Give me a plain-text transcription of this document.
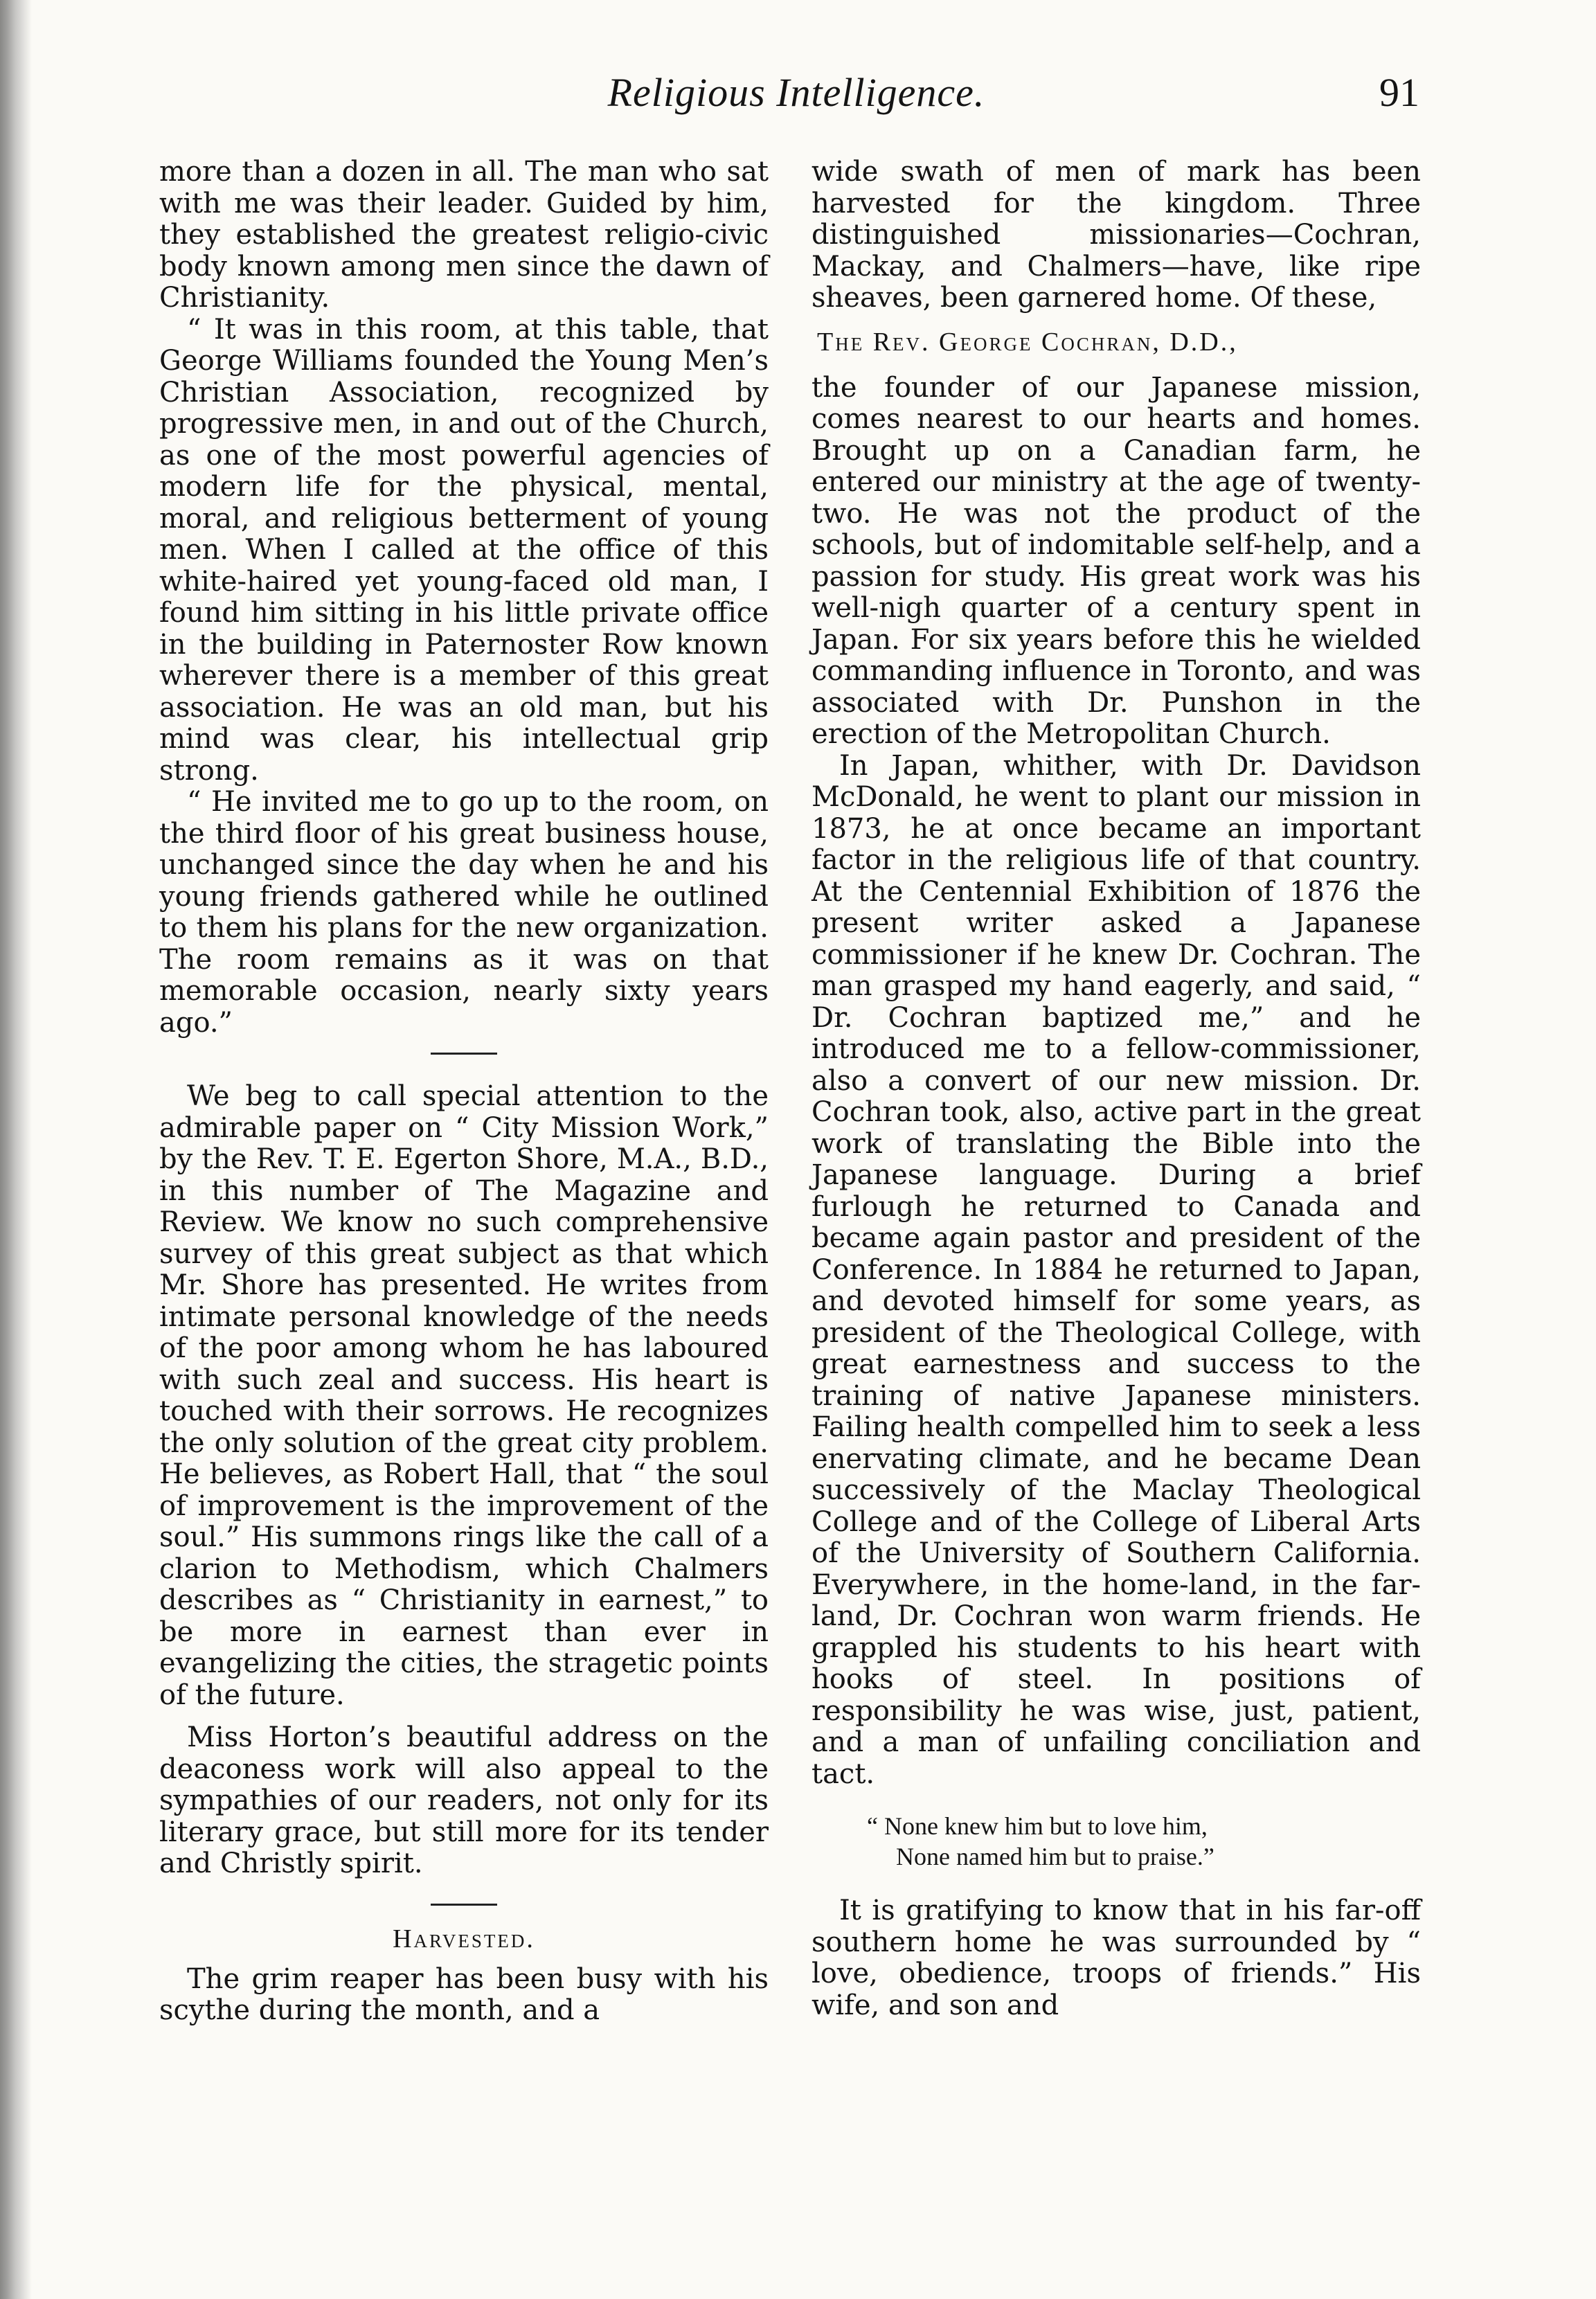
Religious Intelligence.	91

more than a dozen in all. The man who sat with me was their leader. Guided by him, they established the greatest religio-civic body known among men since the dawn of Christianity.

“ It was in this room, at this table, that George Williams founded the Young Men’s Christian Association, recognized by progressive men, in and out of the Church, as one of the most powerful agencies of modern life for the physical, mental, moral, and religious betterment of young men. When I called at the office of this white-haired yet young-faced old man, I found him sitting in his little private office in the building in Paternoster Row known wherever there is a member of this great association. He was an old man, but his mind was clear, his intellectual grip strong.

“ He invited me to go up to the room, on the third floor of his great business house, unchanged since the day when he and his young friends gathered while he outlined to them his plans for the new organization. The room remains as it was on that memorable occasion, nearly sixty years ago.”

We beg to call special attention to the admirable paper on “ City Mission Work,” by the Rev. T. E. Egerton Shore, M.A., B.D., in this number of The Magazine and Review. We know no such comprehensive survey of this great subject as that which Mr. Shore has presented. He writes from intimate personal knowledge of the needs of the poor among whom he has laboured with such zeal and success. His heart is touched with their sorrows. He recognizes the only solution of the great city problem. He believes, as Robert Hall, that “ the soul of improvement is the improvement of the soul.” His summons rings like the call of a clarion to Methodism, which Chalmers describes as “ Christianity in earnest,” to be more in earnest than ever in evangelizing the cities, the stragetic points of the future.

Miss Horton’s beautiful address on the deaconess work will also appeal to the sympathies of our readers, not only for its literary grace, but still more for its tender and Christly spirit.

Harvested.

The grim reaper has been busy with his scythe during the month, and a

wide swath of men of mark has been harvested for the kingdom. Three distinguished missionaries—Cochran, Mackay, and Chalmers—have, like ripe sheaves, been garnered home. Of these,

The Rev. George Cochran, D.D.,

the founder of our Japanese mission, comes nearest to our hearts and homes. Brought up on a Canadian farm, he entered our ministry at the age of twenty-two. He was not the product of the schools, but of indomitable self-help, and a passion for study. His great work was his well-nigh quarter of a century spent in Japan. For six years before this he wielded commanding influence in Toronto, and was associated with Dr. Punshon in the erection of the Metropolitan Church.

In Japan, whither, with Dr. Davidson McDonald, he went to plant our mission in 1873, he at once became an important factor in the religious life of that country. At the Centennial Exhibition of 1876 the present writer asked a Japanese commissioner if he knew Dr. Cochran. The man grasped my hand eagerly, and said, “ Dr. Cochran baptized me,” and he introduced me to a fellow-commissioner, also a convert of our new mission. Dr. Cochran took, also, active part in the great work of translating the Bible into the Japanese language. During a brief furlough he returned to Canada and became again pastor and president of the Conference. In 1884 he returned to Japan, and devoted himself for some years, as president of the Theological College, with great earnestness and success to the training of native Japanese ministers. Failing health compelled him to seek a less enervating climate, and he became Dean successively of the Maclay Theological College and of the College of Liberal Arts of the University of Southern California. Everywhere, in the home-land, in the far-land, Dr. Cochran won warm friends. He grappled his students to his heart with hooks of steel. In positions of responsibility he was wise, just, patient, and a man of unfailing conciliation and tact.

“ None knew him but to love him,
None named him but to praise.”

It is gratifying to know that in his far-off southern home he was surrounded by “ love, obedience, troops of friends.” His wife, and son and
